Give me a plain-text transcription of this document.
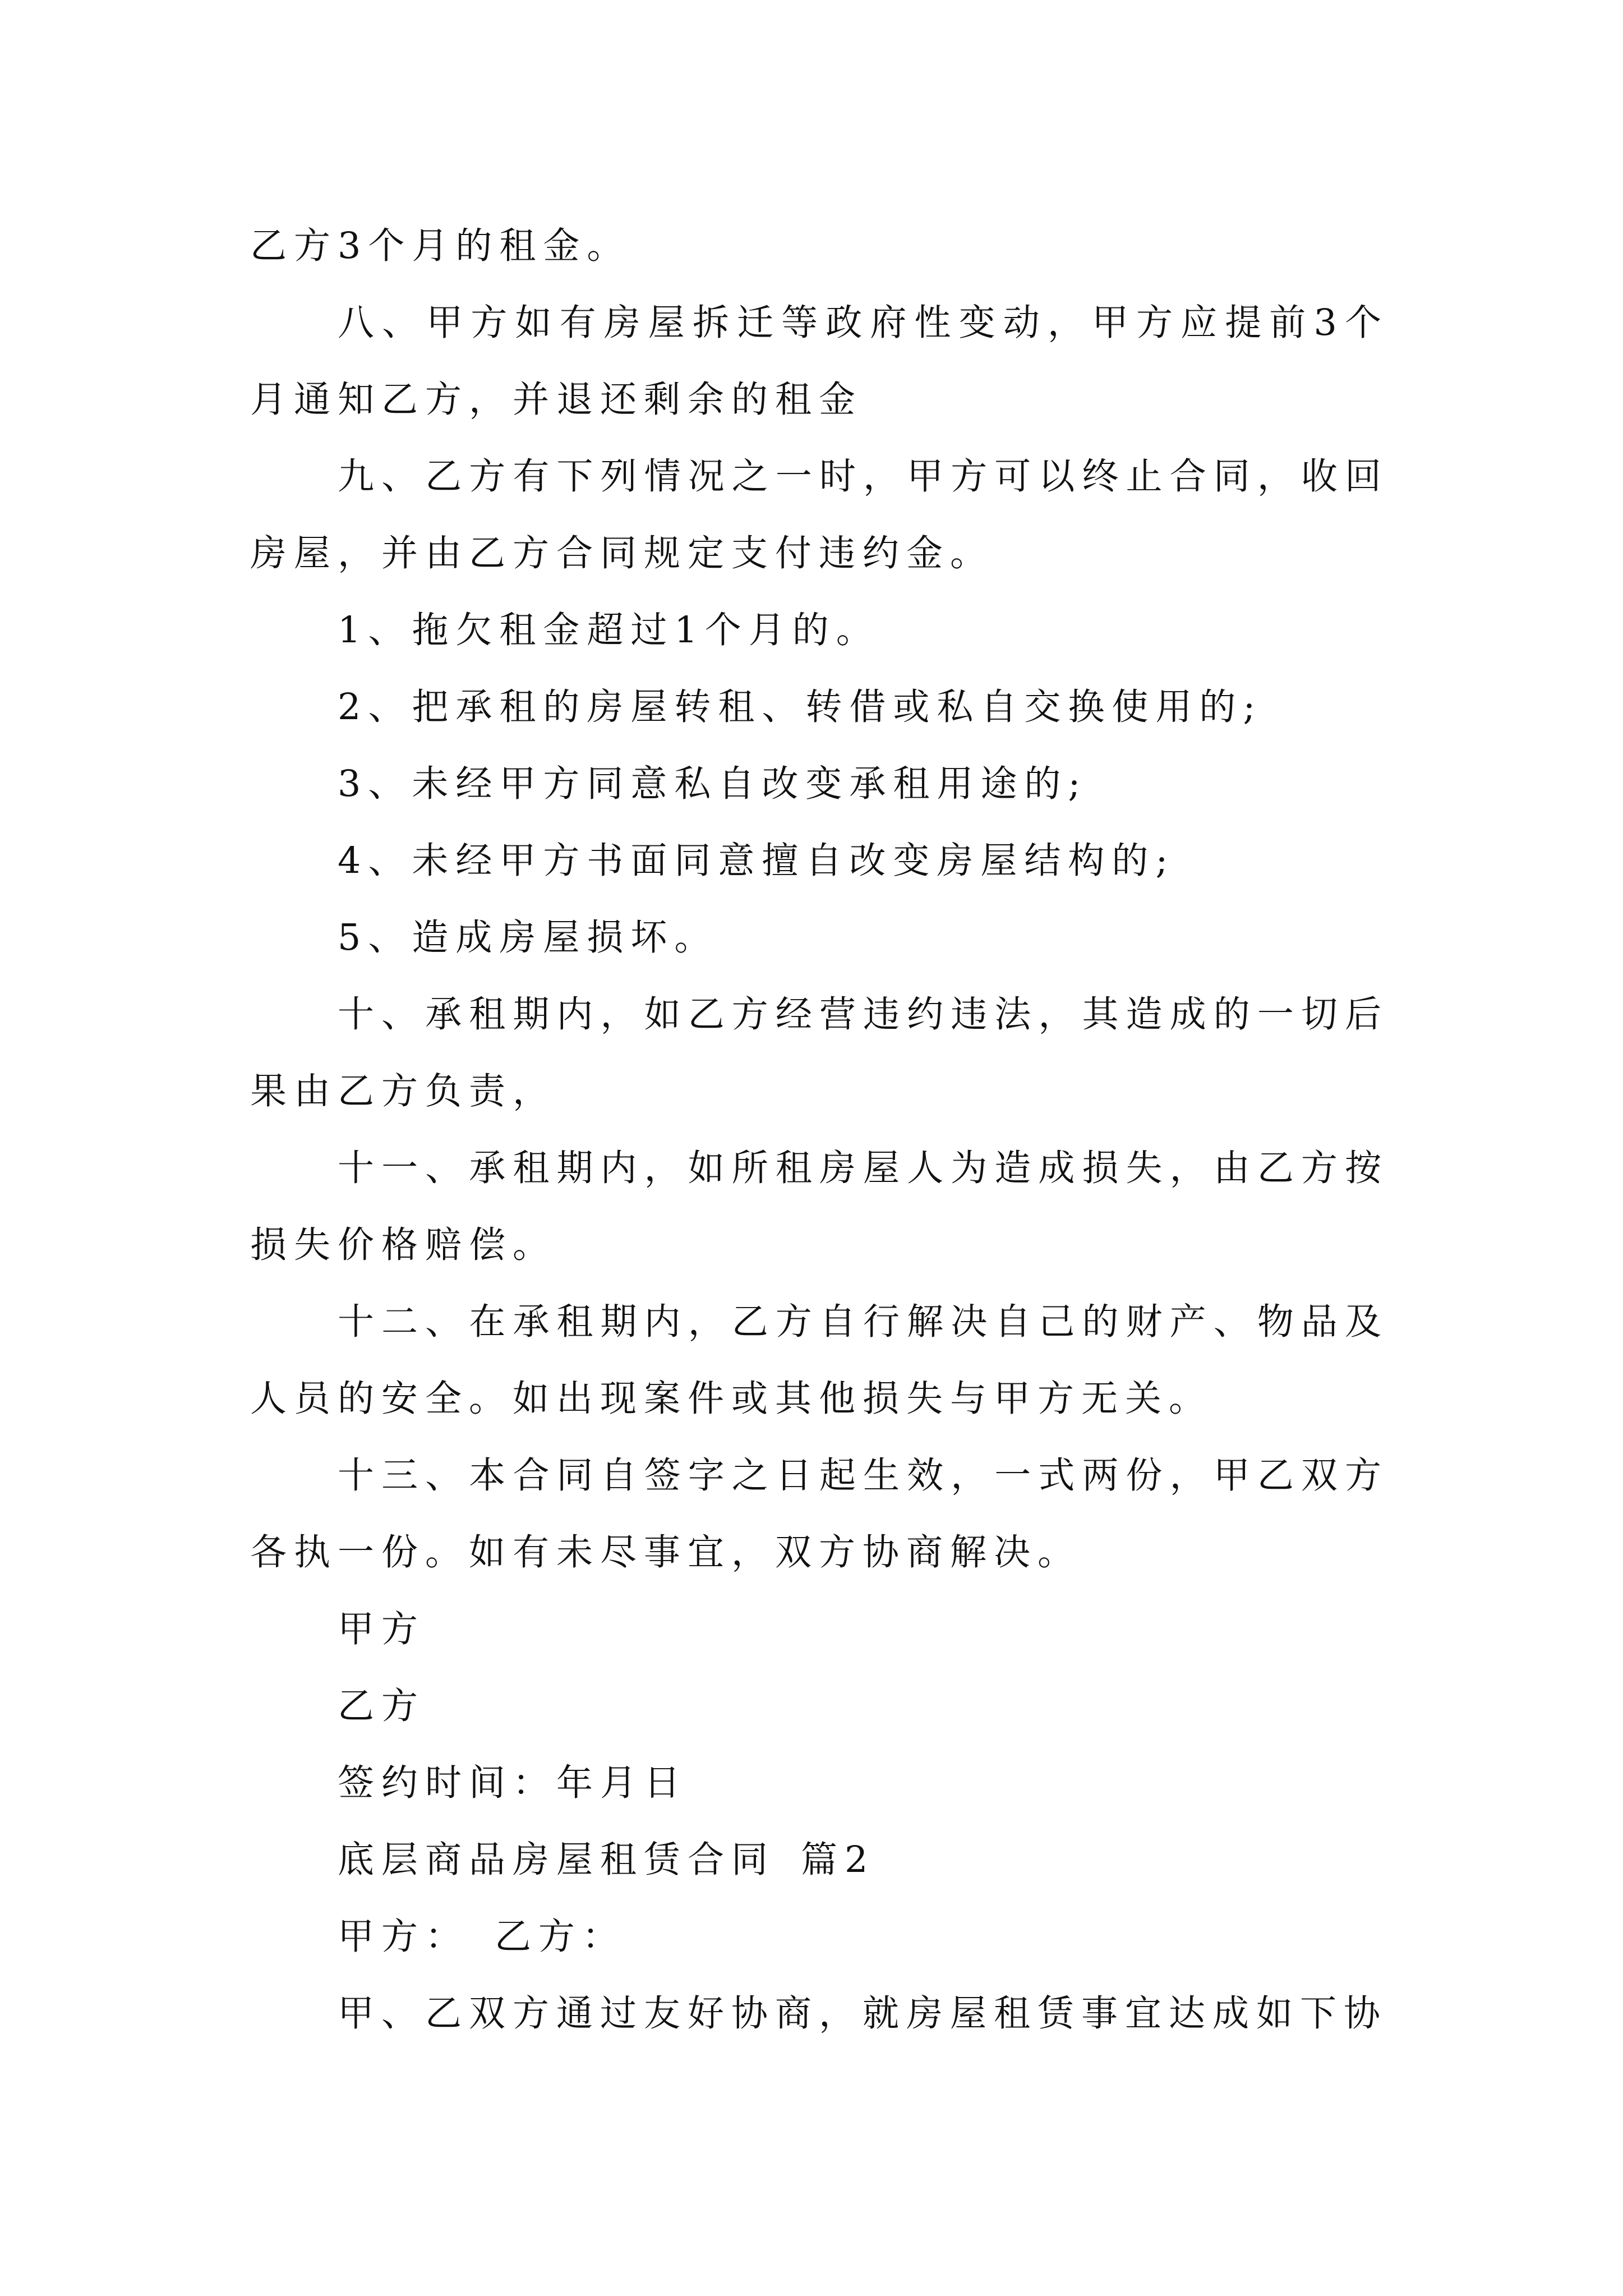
乙方3个月的租金。

八、甲方如有房屋拆迁等政府性变动，甲方应提前3个月通知乙方，并退还剩余的租金

九、乙方有下列情况之一时，甲方可以终止合同，收回房屋，并由乙方合同规定支付违约金。

1、拖欠租金超过1个月的。

2、把承租的房屋转租、转借或私自交换使用的;

3、未经甲方同意私自改变承租用途的;

4、未经甲方书面同意擅自改变房屋结构的;

5、造成房屋损坏。

十、承租期内，如乙方经营违约违法，其造成的一切后果由乙方负责，

十一、承租期内，如所租房屋人为造成损失，由乙方按损失价格赔偿。

十二、在承租期内，乙方自行解决自己的财产、物品及人员的安全。如出现案件或其他损失与甲方无关。

十三、本合同自签字之日起生效，一式两份，甲乙双方各执一份。如有未尽事宜，双方协商解决。

甲方

乙方

签约时间：年月日

底层商品房屋租赁合同 篇2

甲方： 乙方：

甲、乙双方通过友好协商，就房屋租赁事宜达成如下协
